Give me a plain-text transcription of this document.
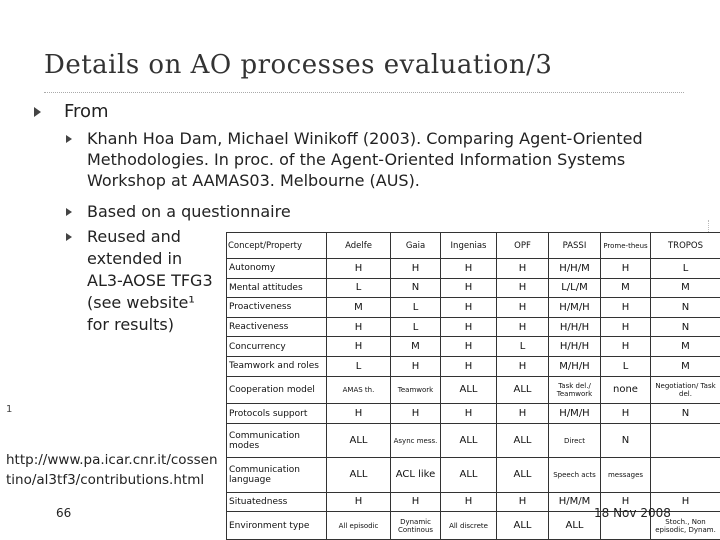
Details on AO processes evaluation/3
From
Khanh Hoa Dam, Michael Winikoff (2003). Comparing Agent-Oriented Methodologies. In proc. of the Agent-Oriented Information Systems Workshop at AAMAS03. Melbourne (AUS).
Based on a questionnaire
Reused and extended in AL3-AOSE TFG3 (see website¹ for results)
Concept/Property	Adelfe	Gaia	Ingenias	OPF	PASSI	Prome-theus	TROPOS
Autonomy	H	H	H	H	H/H/M	H	L
Mental attitudes	L	N	H	H	L/L/M	M	M
Proactiveness	M	L	H	H	H/M/H	H	N
Reactiveness	H	L	H	H	H/H/H	H	N
Concurrency	H	M	H	L	H/H/H	H	M
Teamwork and roles	L	H	H	H	M/H/H	L	M
Cooperation model	AMAS th.	Teamwork	ALL	ALL	Task del./ Teamwork	none	Negotiation/ Task del.
Protocols support	H	H	H	H	H/M/H	H	N
Communication modes	ALL	Async mess.	ALL	ALL	Direct	N	
Communication language	ALL	ACL like	ALL	ALL	Speech acts	messages	
Situatedness	H	H	H	H	H/M/M	H	H
Environment type	All episodic	Dynamic Continous	All discrete	ALL	ALL		Stoch., Non episodic, Dynam.
1
http://www.pa.icar.cnr.it/cossentino/al3tf3/contributions.html
66	18 Nov 2008
